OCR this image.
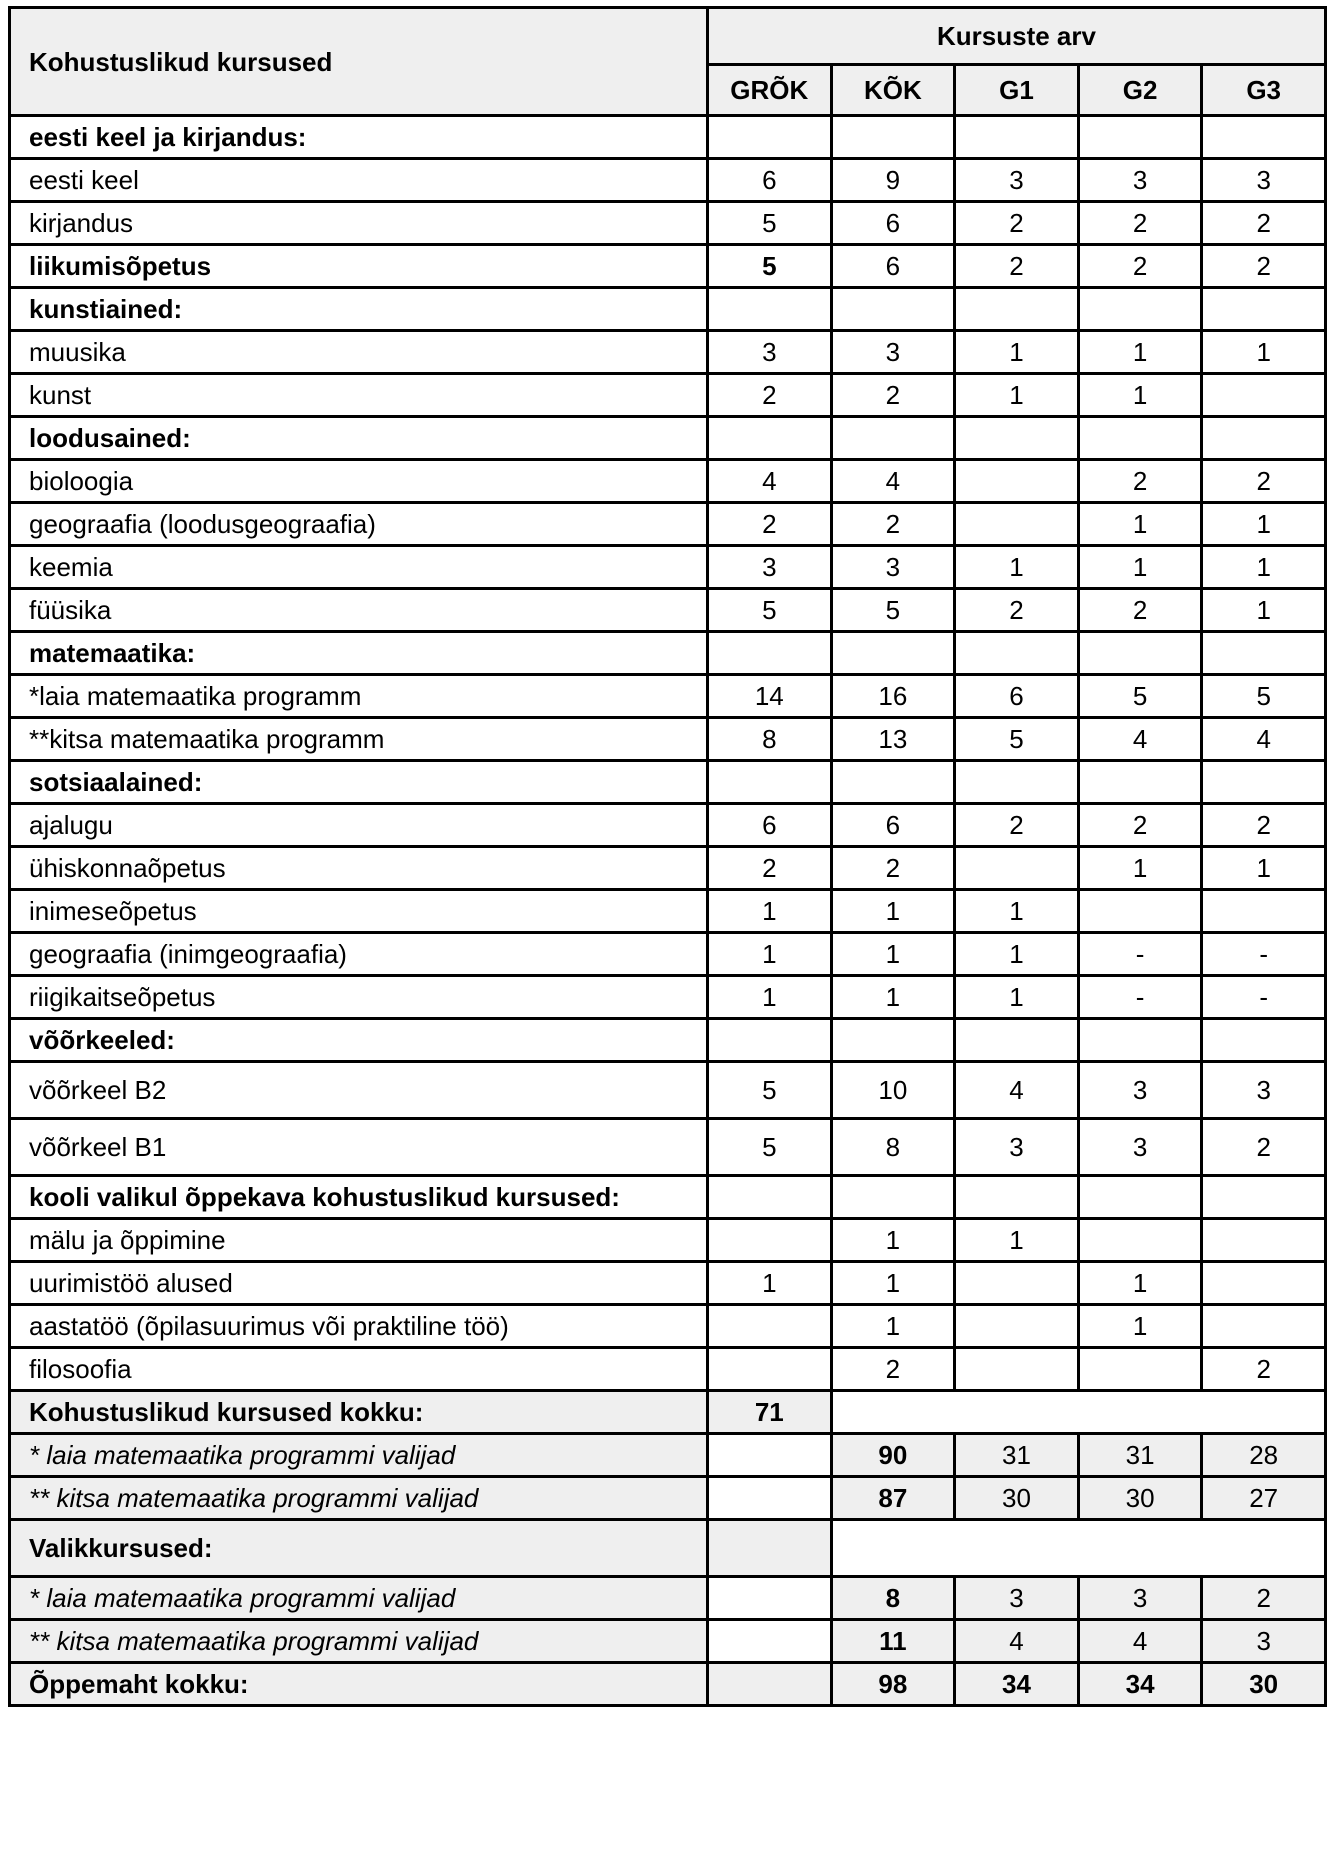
Kohustuslikud kursused	Kursuste arv				
	GRÕK	KÕK	G1	G2	G3
eesti keel ja kirjandus:					
eesti keel	6	9	3	3	3
kirjandus	5	6	2	2	2
liikumisõpetus	5	6	2	2	2
kunstiained:					
muusika	3	3	1	1	1
kunst	2	2	1	1	
loodusained:					
bioloogia	4	4		2	2
geograafia (loodusgeograafia)	2	2		1	1
keemia	3	3	1	1	1
füüsika	5	5	2	2	1
matemaatika:					
*laia matemaatika programm	14	16	6	5	5
**kitsa matemaatika programm	8	13	5	4	4
sotsiaalained:					
ajalugu	6	6	2	2	2
ühiskonnaõpetus	2	2		1	1
inimeseõpetus	1	1	1		
geograafia (inimgeograafia)	1	1	1	-	-
riigikaitseõpetus	1	1	1	-	-
võõrkeeled:					
võõrkeel B2	5	10	4	3	3
võõrkeel B1	5	8	3	3	2
kooli valikul õppekava kohustuslikud kursused:					
mälu ja õppimine		1	1		
uurimistöö alused	1	1		1	
aastatöö (õpilasuurimus või praktiline töö)		1		1	
filosoofia		2			2
Kohustuslikud kursused kokku:	71				
* laia matemaatika programmi valijad		90	31	31	28
** kitsa matemaatika programmi valijad		87	30	30	27
Valikkursused:					
* laia matemaatika programmi valijad		8	3	3	2
** kitsa matemaatika programmi valijad		11	4	4	3
Õppemaht kokku:		98	34	34	30
